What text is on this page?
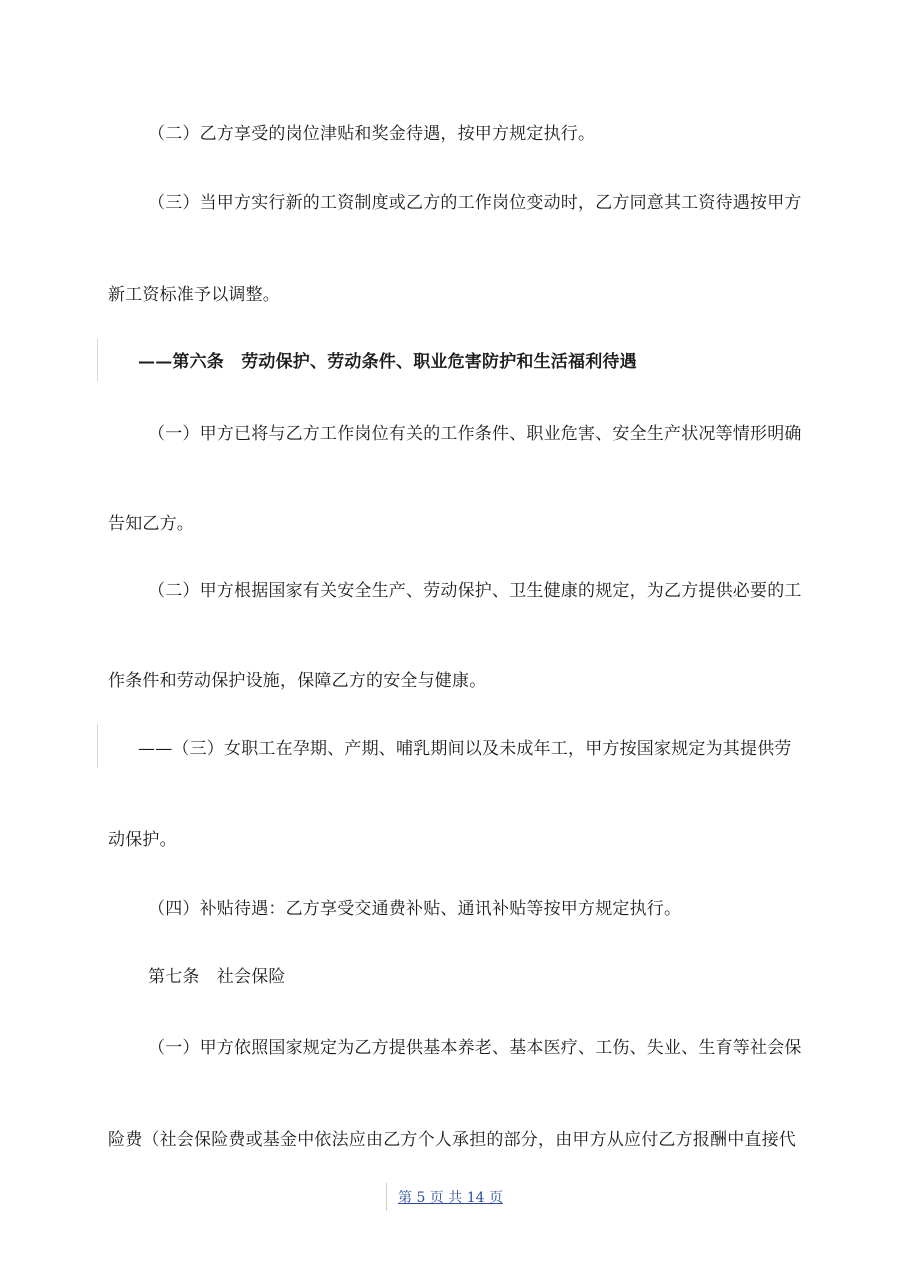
（二）乙方享受的岗位津贴和奖金待遇，按甲方规定执行。
（三）当甲方实行新的工资制度或乙方的工作岗位变动时，乙方同意其工资待遇按甲方
新工资标准予以调整。
——第六条　劳动保护、劳动条件、职业危害防护和生活福利待遇
（一）甲方已将与乙方工作岗位有关的工作条件、职业危害、安全生产状况等情形明确
告知乙方。
（二）甲方根据国家有关安全生产、劳动保护、卫生健康的规定，为乙方提供必要的工
作条件和劳动保护设施，保障乙方的安全与健康。
——（三）女职工在孕期、产期、哺乳期间以及未成年工，甲方按国家规定为其提供劳
动保护。
（四）补贴待遇：乙方享受交通费补贴、通讯补贴等按甲方规定执行。
第七条　社会保险
（一）甲方依照国家规定为乙方提供基本养老、基本医疗、工伤、失业、生育等社会保
险费（社会保险费或基金中依法应由乙方个人承担的部分，由甲方从应付乙方报酬中直接代
第 5 页 共 14 页
